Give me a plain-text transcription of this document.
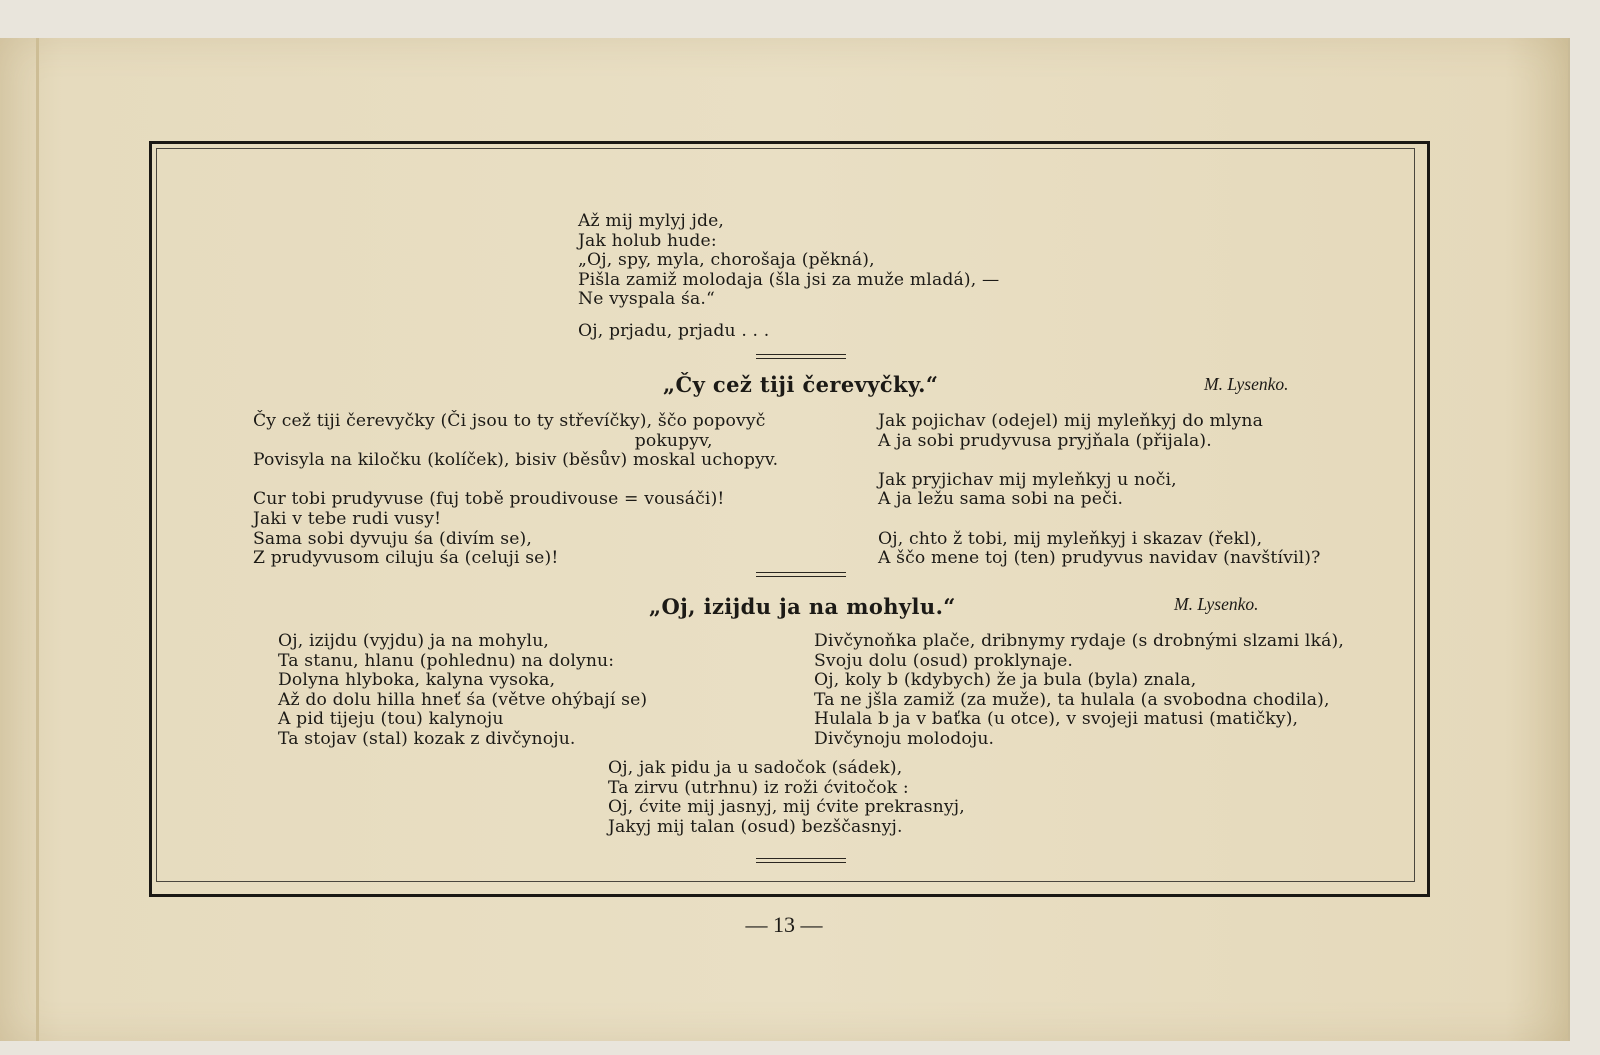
Až mij mylyj jde,
Jak holub hude:
„Oj, spy, myla, chorošaja (pěkná),
Pišla zamiž molodaja (šla jsi za muže mladá), —
Ne vyspala śa.“
Oj, prjadu, prjadu . . .
„Čy cež tiji čerevyčky.“	M. Lysenko.
Čy cež tiji čerevyčky (Či jsou to ty střevíčky), ščo popovyč
pokupyv,
Povisyla na kiločku (kolíček), bisiv (běsův) moskal uchopyv.

Cur tobi prudyvuse (fuj tobě proudivouse = vousáči)!
Jaki v tebe rudi vusy!
Sama sobi dyvuju śa (divím se),
Z prudyvusom ciluju śa (celuji se)!
Jak pojichav (odejel) mij myleňkyj do mlyna
A ja sobi prudyvusa pryjňala (přijala).

Jak pryjichav mij myleňkyj u noči,
A ja ležu sama sobi na peči.

Oj, chto ž tobi, mij myleňkyj i skazav (řekl),
A ščo mene toj (ten) prudyvus navidav (navštívil)?
„Oj, izijdu ja na mohylu.“	M. Lysenko.
Oj, izijdu (vyjdu) ja na mohylu,
Ta stanu, hlanu (pohlednu) na dolynu:
Dolyna hlyboka, kalyna vysoka,
Až do dolu hilla hneť śa (větve ohýbají se)
A pid tijeju (tou) kalynoju
Ta stojav (stal) kozak z divčynoju.
Divčynoňka plače, dribnymy rydaje (s drobnými slzami lká),
Svoju dolu (osud) proklynaje.
Oj, koly b (kdybych) že ja bula (byla) znala,
Ta ne jšla zamiž (za muže), ta hulala (a svobodna chodila),
Hulala b ja v baťka (u otce), v svojeji matusi (matičky),
Divčynoju molodoju.
Oj, jak pidu ja u sadočok (sádek),
Ta zirvu (utrhnu) iz roži ćvitočok :
Oj, ćvite mij jasnyj, mij ćvite prekrasnyj,
Jakyj mij talan (osud) bezščasnyj.
— 13 —
